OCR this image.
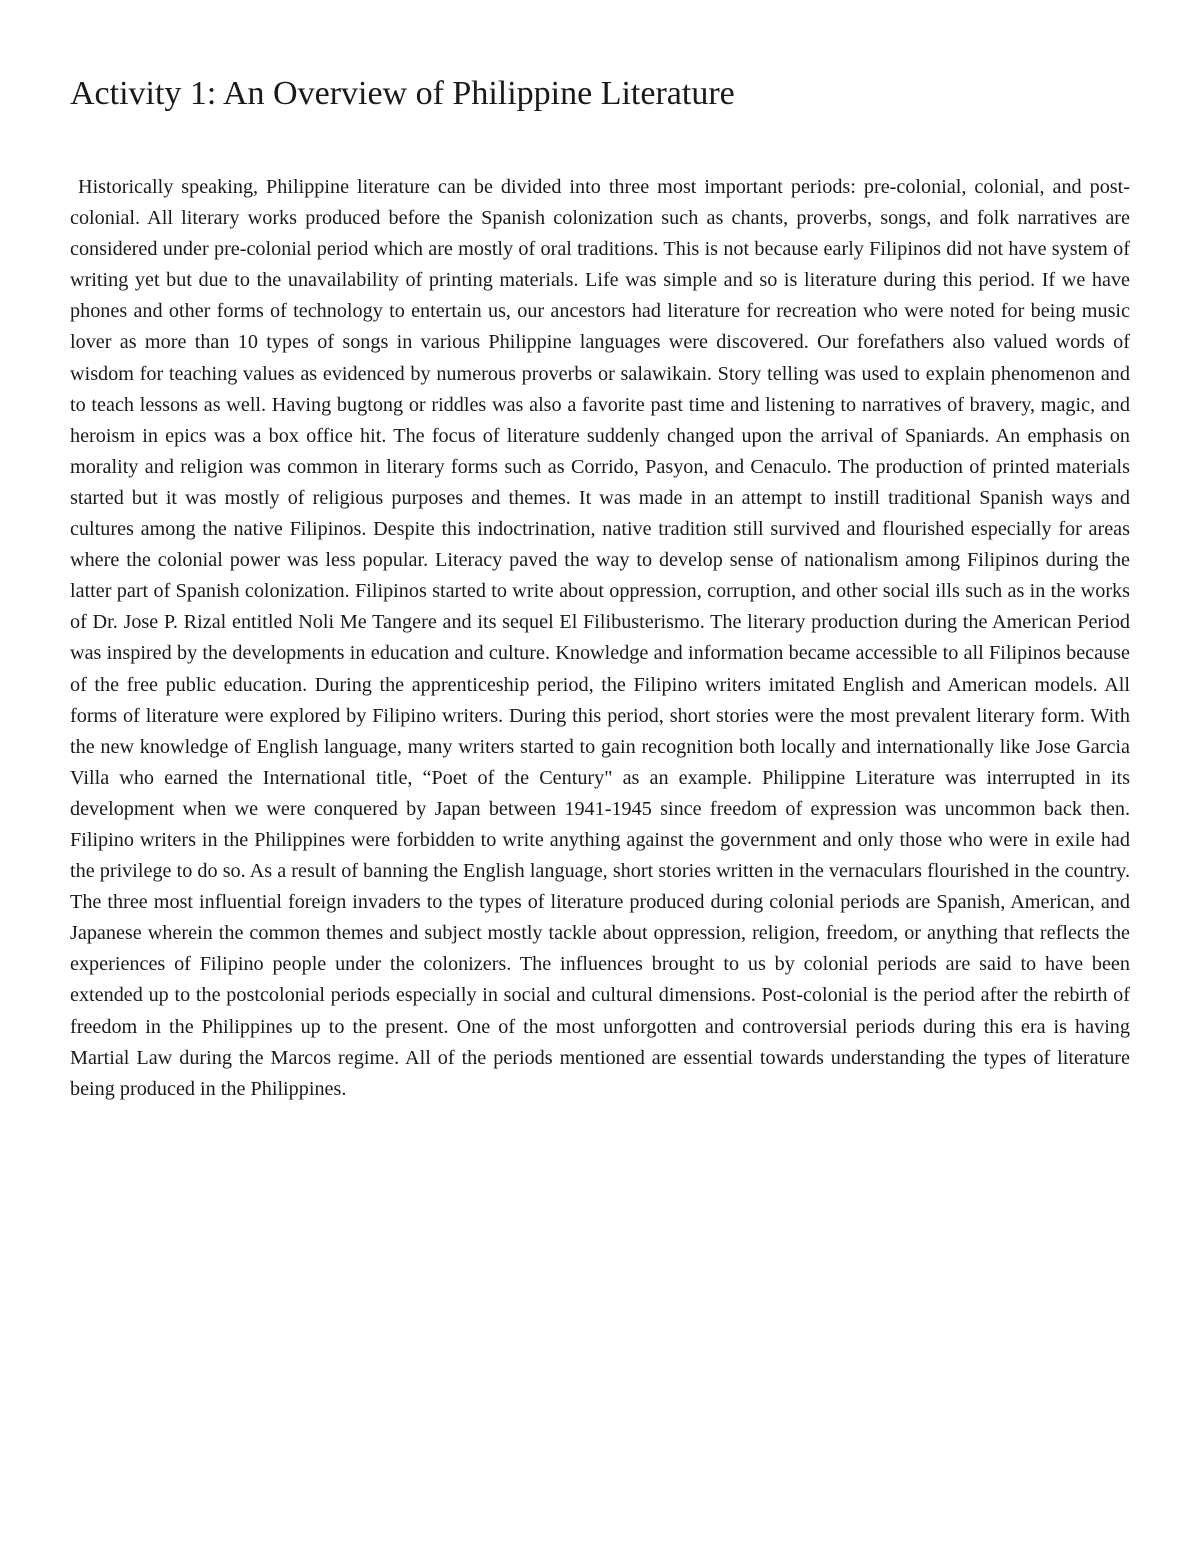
Activity 1: An Overview of Philippine Literature

Historically speaking, Philippine literature can be divided into three most important periods: pre-colonial, colonial, and post-colonial. All literary works produced before the Spanish colonization such as chants, proverbs, songs, and folk narratives are considered under pre-colonial period which are mostly of oral traditions. This is not because early Filipinos did not have system of writing yet but due to the unavailability of printing materials. Life was simple and so is literature during this period. If we have phones and other forms of technology to entertain us, our ancestors had literature for recreation who were noted for being music lover as more than 10 types of songs in various Philippine languages were discovered. Our forefathers also valued words of wisdom for teaching values as evidenced by numerous proverbs or salawikain. Story telling was used to explain phenomenon and to teach lessons as well. Having bugtong or riddles was also a favorite past time and listening to narratives of bravery, magic, and heroism in epics was a box office hit. The focus of literature suddenly changed upon the arrival of Spaniards. An emphasis on morality and religion was common in literary forms such as Corrido, Pasyon, and Cenaculo. The production of printed materials started but it was mostly of religious purposes and themes. It was made in an attempt to instill traditional Spanish ways and cultures among the native Filipinos. Despite this indoctrination, native tradition still survived and flourished especially for areas where the colonial power was less popular. Literacy paved the way to develop sense of nationalism among Filipinos during the latter part of Spanish colonization. Filipinos started to write about oppression, corruption, and other social ills such as in the works of Dr. Jose P. Rizal entitled Noli Me Tangere and its sequel El Filibusterismo. The literary production during the American Period was inspired by the developments in education and culture. Knowledge and information became accessible to all Filipinos because of the free public education. During the apprenticeship period, the Filipino writers imitated English and American models. All forms of literature were explored by Filipino writers. During this period, short stories were the most prevalent literary form. With the new knowledge of English language, many writers started to gain recognition both locally and internationally like Jose Garcia Villa who earned the International title, “Poet of the Century" as an example. Philippine Literature was interrupted in its development when we were conquered by Japan between 1941-1945 since freedom of expression was uncommon back then. Filipino writers in the Philippines were forbidden to write anything against the government and only those who were in exile had the privilege to do so. As a result of banning the English language, short stories written in the vernaculars flourished in the country. The three most influential foreign invaders to the types of literature produced during colonial periods are Spanish, American, and Japanese wherein the common themes and subject mostly tackle about oppression, religion, freedom, or anything that reflects the experiences of Filipino people under the colonizers. The influences brought to us by colonial periods are said to have been extended up to the postcolonial periods especially in social and cultural dimensions. Post-colonial is the period after the rebirth of freedom in the Philippines up to the present. One of the most unforgotten and controversial periods during this era is having Martial Law during the Marcos regime. All of the periods mentioned are essential towards understanding the types of literature being produced in the Philippines.
